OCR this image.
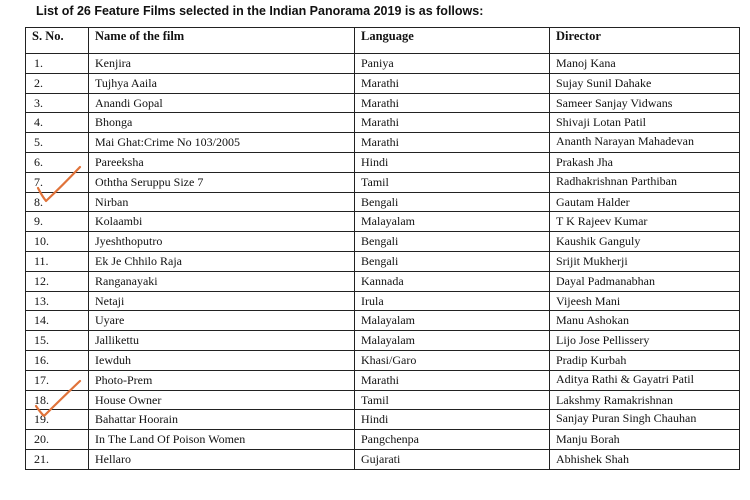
List of 26 Feature Films selected in the Indian Panorama 2019 is as follows:
S. No.	Name of the film	Language	Director
1.	Kenjira	Paniya	Manoj Kana
2.	Tujhya Aaila	Marathi	Sujay Sunil Dahake
3.	Anandi Gopal	Marathi	Sameer Sanjay Vidwans
4.	Bhonga	Marathi	Shivaji Lotan Patil
5.	Mai Ghat:Crime No 103/2005	Marathi	Ananth Narayan Mahadevan
6.	Pareeksha	Hindi	Prakash Jha
7.	Oththa Seruppu Size 7	Tamil	Radhakrishnan Parthiban
8.	Nirban	Bengali	Gautam Halder
9.	Kolaambi	Malayalam	T K Rajeev Kumar
10.	Jyeshthoputro	Bengali	Kaushik Ganguly
11.	Ek Je Chhilo Raja	Bengali	Srijit Mukherji
12.	Ranganayaki	Kannada	Dayal Padmanabhan
13.	Netaji	Irula	Vijeesh Mani
14.	Uyare	Malayalam	Manu Ashokan
15.	Jallikettu	Malayalam	Lijo Jose Pellissery
16.	Iewduh	Khasi/Garo	Pradip Kurbah
17.	Photo-Prem	Marathi	Aditya Rathi & Gayatri Patil
18.	House Owner	Tamil	Lakshmy Ramakrishnan
19.	Bahattar Hoorain	Hindi	Sanjay Puran Singh Chauhan
20.	In The Land Of Poison Women	Pangchenpa	Manju Borah
21.	Hellaro	Gujarati	Abhishek Shah
